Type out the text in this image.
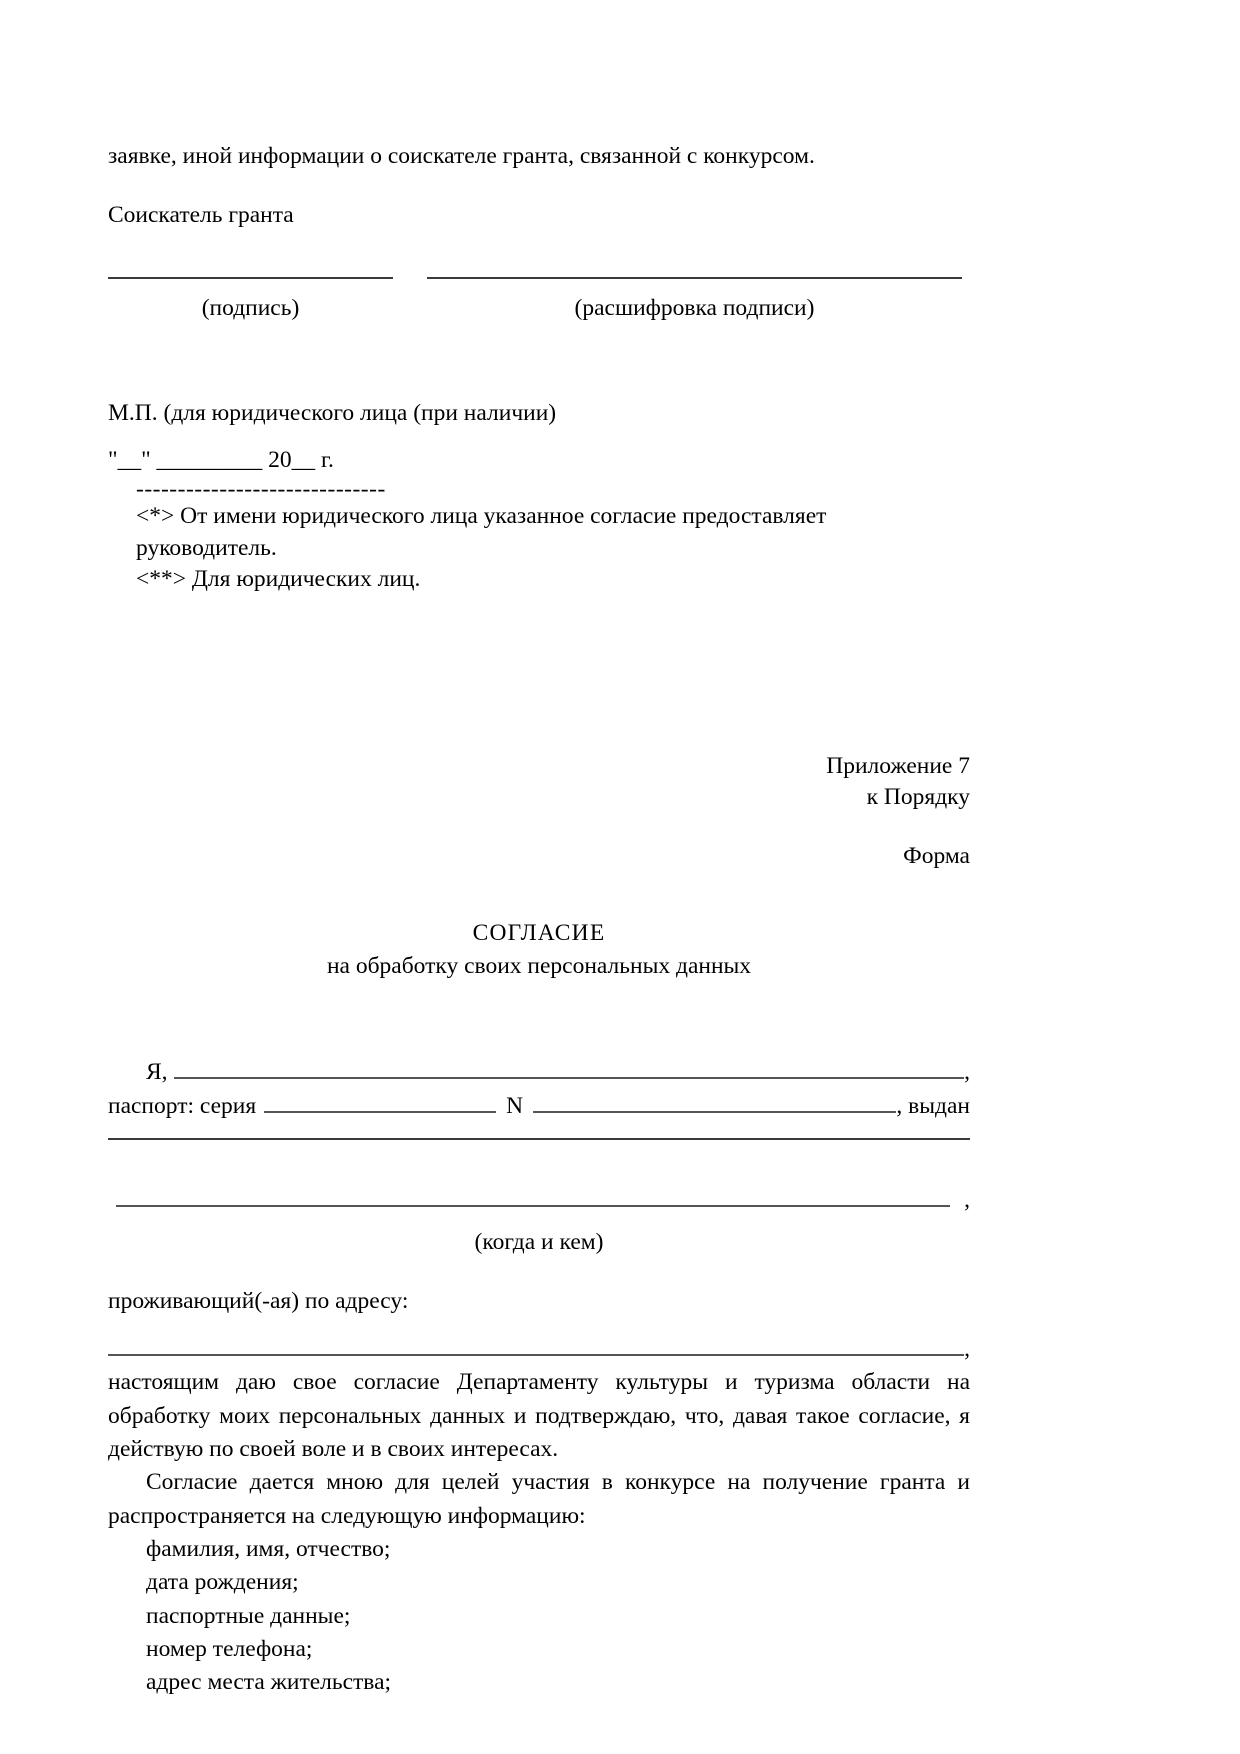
заявке, иной информации о соискателе гранта, связанной с конкурсом.

Соискатель гранта

(подпись)	(расшифровка подписи)

М.П. (для юридического лица (при наличии)

"__" _________ 20__ г.

------------------------------
<*> От имени юридического лица указанное согласие предоставляет руководитель.
<**> Для юридических лиц.
Приложение 7
к Порядку
Форма
СОГЛАСИЕ
на обработку своих персональных данных
Я,	,
паспорт: серия	N	, выдан
,
(когда и кем)

проживающий(-ая) по адресу:

,

настоящим даю свое согласие Департаменту культуры и туризма области на обработку моих персональных данных и подтверждаю, что, давая такое согласие, я действую по своей воле и в своих интересах.

Согласие дается мною для целей участия в конкурсе на получение гранта и распространяется на следующую информацию:

фамилия, имя, отчество;
дата рождения;
паспортные данные;
номер телефона;
адрес места жительства;
